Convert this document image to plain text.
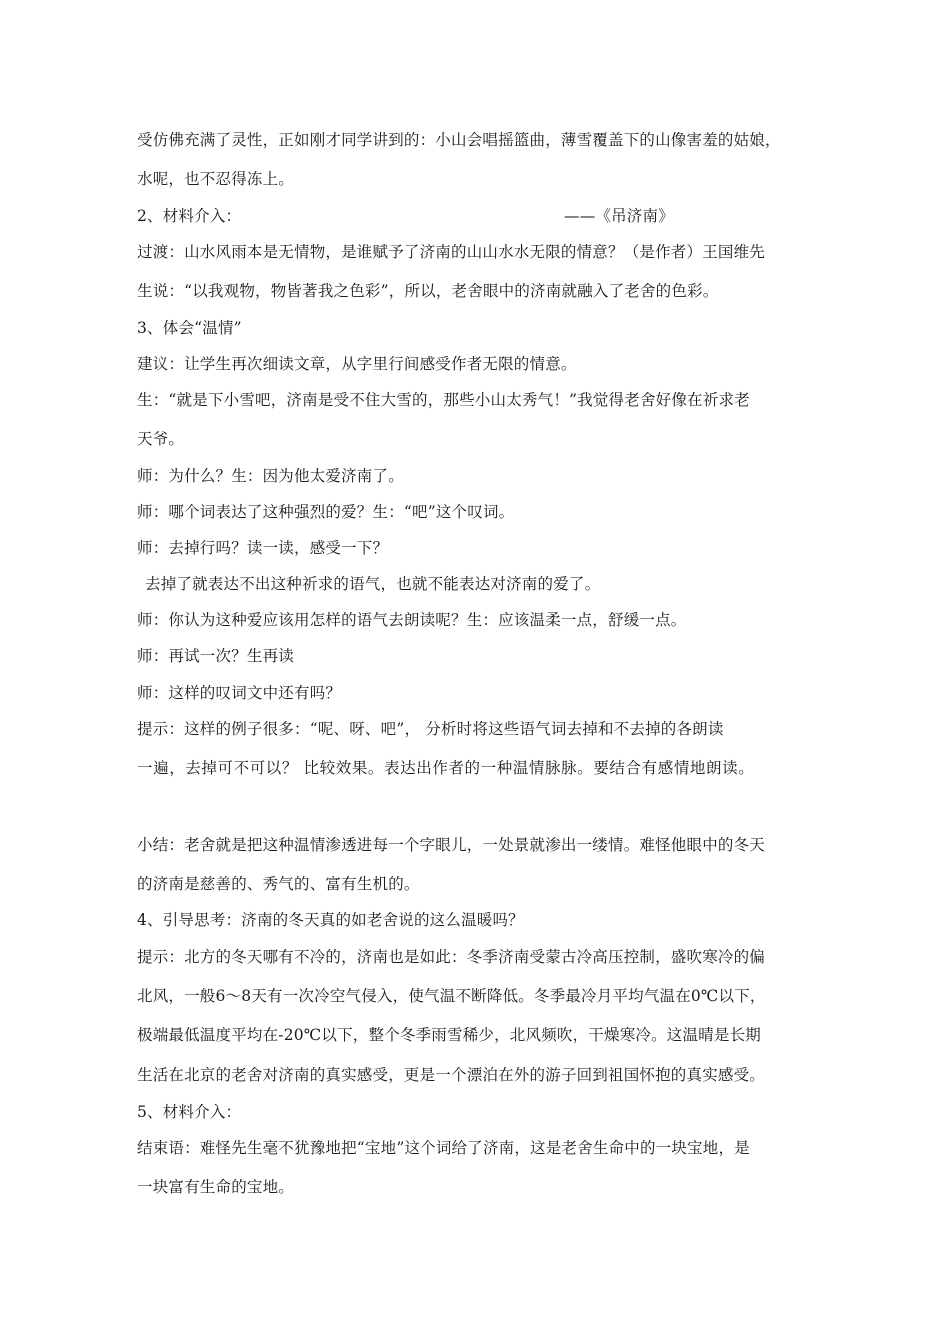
受仿佛充满了灵性，正如刚才同学讲到的：小山会唱摇篮曲，薄雪覆盖下的山像害羞的姑娘，
水呢，也不忍得冻上。
2、材料介入：	——《吊济南》
过渡：山水风雨本是无情物，是谁赋予了济南的山山水水无限的情意？（是作者）王国维先
生说：“以我观物，物皆著我之色彩”，所以，老舍眼中的济南就融入了老舍的色彩。
3、体会“温情”
建议：让学生再次细读文章，从字里行间感受作者无限的情意。
生：“就是下小雪吧，济南是受不住大雪的，那些小山太秀气！”我觉得老舍好像在祈求老
天爷。
师：为什么？生：因为他太爱济南了。
师：哪个词表达了这种强烈的爱？生：“吧”这个叹词。
师：去掉行吗？读一读，感受一下？
去掉了就表达不出这种祈求的语气，也就不能表达对济南的爱了。
师：你认为这种爱应该用怎样的语气去朗读呢？生：应该温柔一点，舒缓一点。
师：再试一次？生再读
师：这样的叹词文中还有吗？
提示：这样的例子很多：“呢、呀、吧”， 分析时将这些语气词去掉和不去掉的各朗读
一遍，去掉可不可以？ 比较效果。表达出作者的一种温情脉脉。要结合有感情地朗读。
小结：老舍就是把这种温情渗透进每一个字眼儿，一处景就渗出一缕情。难怪他眼中的冬天
的济南是慈善的、秀气的、富有生机的。
4、引导思考：济南的冬天真的如老舍说的这么温暖吗？
提示：北方的冬天哪有不冷的，济南也是如此：冬季济南受蒙古冷高压控制，盛吹寒冷的偏
北风，一般6～8天有一次冷空气侵入，使气温不断降低。冬季最冷月平均气温在0℃以下，
极端最低温度平均在-20℃以下，整个冬季雨雪稀少，北风频吹，干燥寒冷。这温晴是长期
生活在北京的老舍对济南的真实感受，更是一个漂泊在外的游子回到祖国怀抱的真实感受。
5、材料介入：
结束语：难怪先生毫不犹豫地把“宝地”这个词给了济南，这是老舍生命中的一块宝地，是
一块富有生命的宝地。
